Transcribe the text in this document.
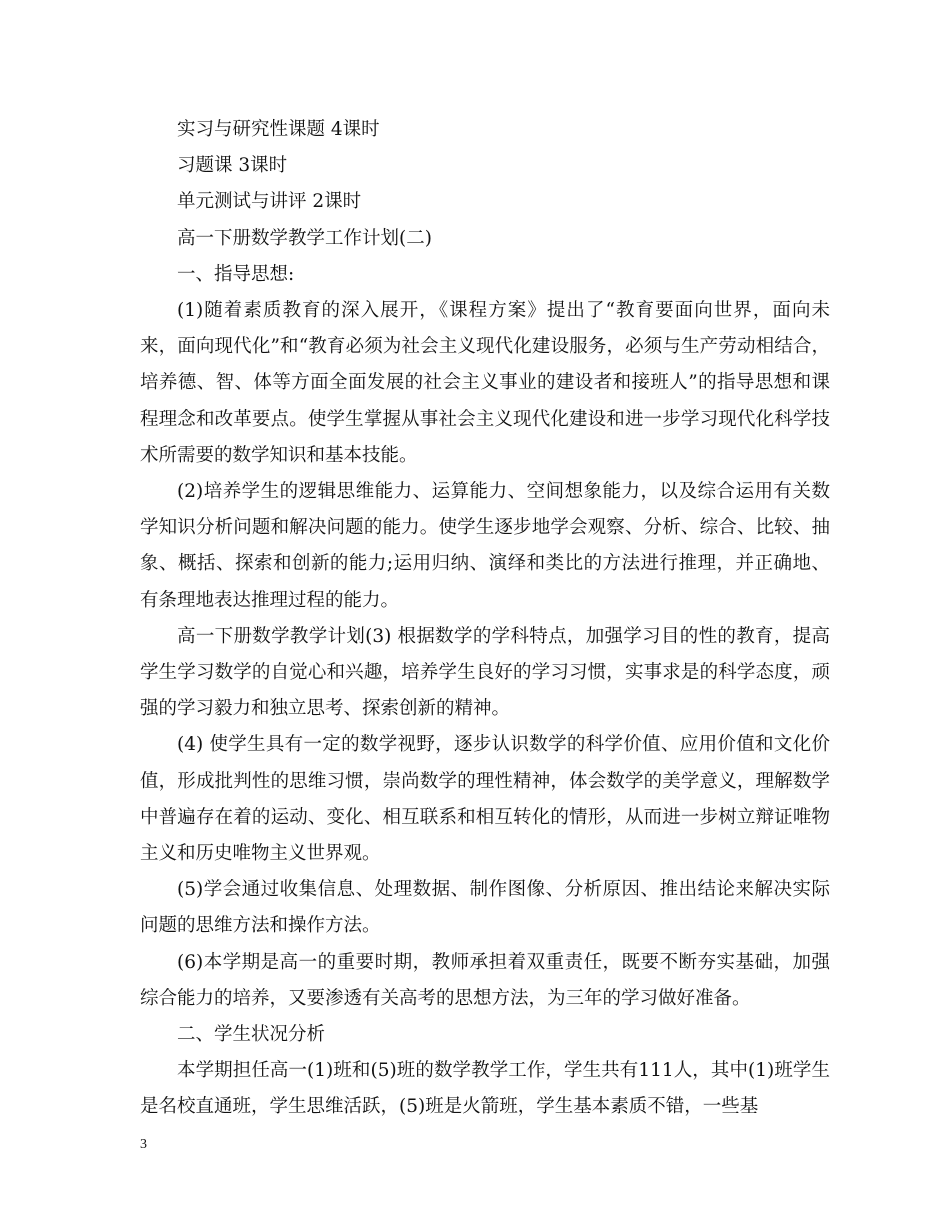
实习与研究性课题 4课时

习题课 3课时

单元测试与讲评 2课时

高一下册数学教学工作计划(二)

一、指导思想:

(1)随着素质教育的深入展开，《课程方案》提出了“教育要面向世界，面向未来，面向现代化”和“教育必须为社会主义现代化建设服务，必须与生产劳动相结合，培养德、智、体等方面全面发展的社会主义事业的建设者和接班人”的指导思想和课程理念和改革要点。使学生掌握从事社会主义现代化建设和进一步学习现代化科学技术所需要的数学知识和基本技能。

(2)培养学生的逻辑思维能力、运算能力、空间想象能力，以及综合运用有关数学知识分析问题和解决问题的能力。使学生逐步地学会观察、分析、综合、比较、抽象、概括、探索和创新的能力;运用归纳、演绎和类比的方法进行推理，并正确地、有条理地表达推理过程的能力。

高一下册数学教学计划(3) 根据数学的学科特点，加强学习目的性的教育，提高学生学习数学的自觉心和兴趣，培养学生良好的学习习惯，实事求是的科学态度，顽强的学习毅力和独立思考、探索创新的精神。

(4) 使学生具有一定的数学视野，逐步认识数学的科学价值、应用价值和文化价值，形成批判性的思维习惯，崇尚数学的理性精神，体会数学的美学意义，理解数学中普遍存在着的运动、变化、相互联系和相互转化的情形，从而进一步树立辩证唯物主义和历史唯物主义世界观。

(5)学会通过收集信息、处理数据、制作图像、分析原因、推出结论来解决实际问题的思维方法和操作方法。

(6)本学期是高一的重要时期，教师承担着双重责任，既要不断夯实基础，加强综合能力的培养，又要渗透有关高考的思想方法，为三年的学习做好准备。

二、学生状况分析

本学期担任高一(1)班和(5)班的数学教学工作，学生共有111人，其中(1)班学生是名校直通班，学生思维活跃，(5)班是火箭班，学生基本素质不错，一些基

3
